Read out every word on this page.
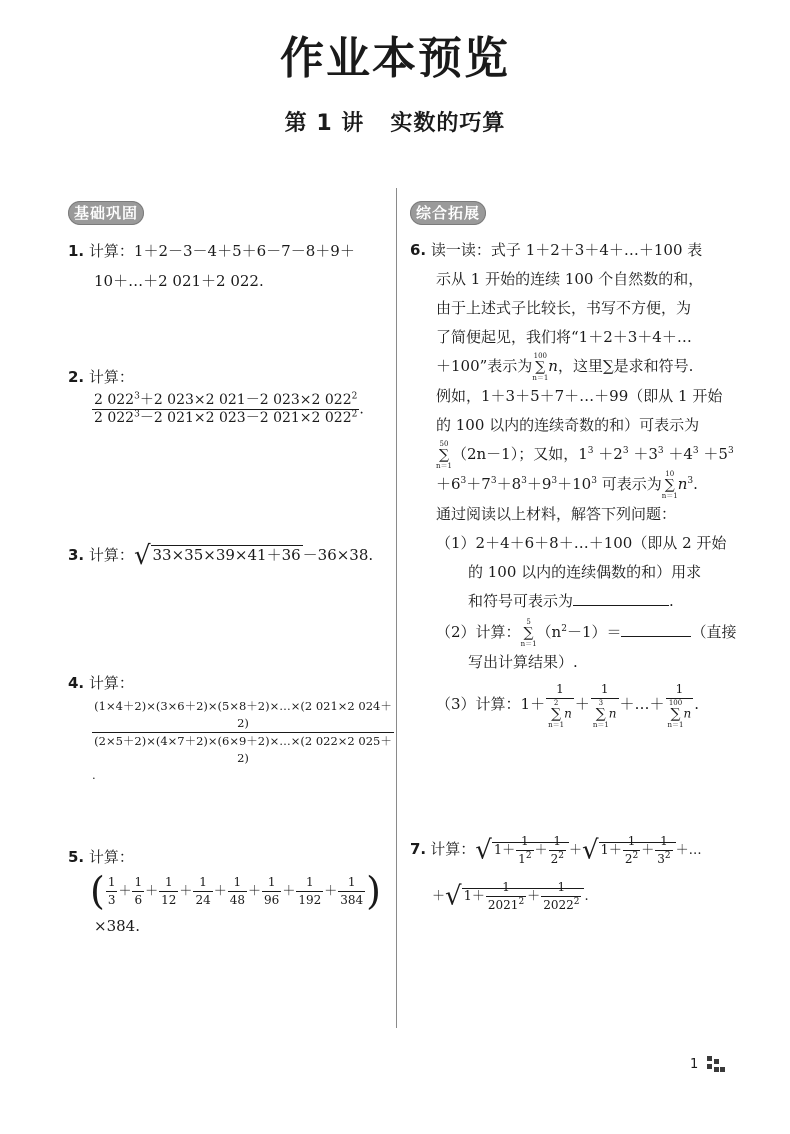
作业本预览
第 1 讲 实数的巧算
基础巩固	综合拓展
1. 计算：1＋2－3－4＋5＋6－7－8＋9＋
10＋…＋2 021＋2 022.
2. 计算：
$\frac{2 022^3+2 023\times 2 021-2 023\times 2 022^2}{2 022^3-2 021\times 2 023-2 021\times 2 022^2}$ .
3. 计算：√ 33×35×39×41＋36 －36×38.
4. 计算：
$\frac{(1\times 4+2)\times(3\times 6+2)\times(5\times 8+2)\times\dots\times(2 021\times 2 024+2)}{(2\times 5+2)\times(4\times 7+2)\times(6\times 9+2)\times\dots\times(2 022\times 2 025+2)}$
.
5. 计算：
( $\frac{1}{3} + \frac{1}{6} + \frac{1}{12} + \frac{1}{24} + \frac{1}{48} + \frac{1}{96} + \frac{1}{192} + \frac{1}{384}$ )
×384.
6. 读一读：式子 1＋2＋3＋4＋…＋100 表
示从 1 开始的连续 100 个自然数的和，
由于上述式子比较长，书写不方便，为
了简便起见，我们将“1＋2＋3＋4＋…
＋100”表示为
100
∑
n＝1
n，这里∑是求和符号.
例如，1＋3＋5＋7＋…＋99（即从 1 开始
的 100 以内的连续奇数的和）可表示为
50
∑
n＝1
（2n－1）；又如，$1^3 +2^3 +3^3 +4^3 +5^3$
$+6^3+7^3+8^3+9^3+10^3$ 可表示为
10
∑
n＝1
$n^3$.
通过阅读以上材料，解答下列问题：
（1）2＋4＋6＋8＋…＋100（即从 2 开始
的 100 以内的连续偶数的和）用求
和符号可表示为	.
（2）计算：
5
∑
n＝1
$(n^2-1)=$	（直接
写出计算结果）.
（3）计算：1＋ 1
2
∑
n＝1
n ＋ 1
3
∑
n＝1
n ＋…＋ 1
100
∑
n＝1
n .
7. 计算：√ $1+ \frac{1}{1^2} + \frac{1}{2^2}$ ＋√ $1+ \frac{1}{2^2} + \frac{1}{3^2}$ ＋…
＋√ $1+ \frac{1}{2021^2} + \frac{1}{2022^2}$ .
1
